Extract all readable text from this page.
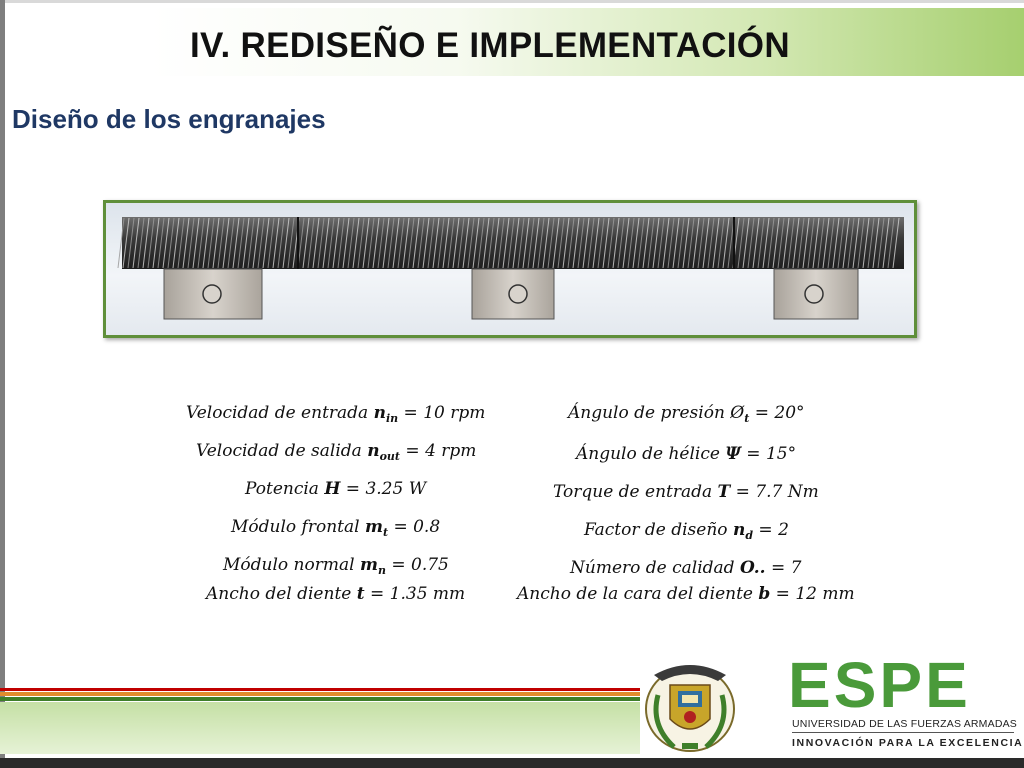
IV. REDISEÑO E IMPLEMENTACIÓN
Diseño de los engranajes
Velocidad de entrada $n_{in} = 10$ rpm
Velocidad de salida $n_{out} = 4$ rpm
Potencia H = 3.25 W
Módulo frontal $m_t = 0.8$
Módulo normal $m_n = 0.75$
Ancho del diente t = 1.35 mm
Ángulo de presión $Ø_t = 20^\circ$
Ángulo de hélice Ψ = 15°
Torque de entrada T = 7.7 Nm
Factor de diseño $n_d = 2$
Número de calidad O.. = 7
Ancho de la cara del diente b = 12 mm
ESPE
UNIVERSIDAD DE LAS FUERZAS ARMADAS
INNOVACIÓN PARA LA EXCELENCIA
